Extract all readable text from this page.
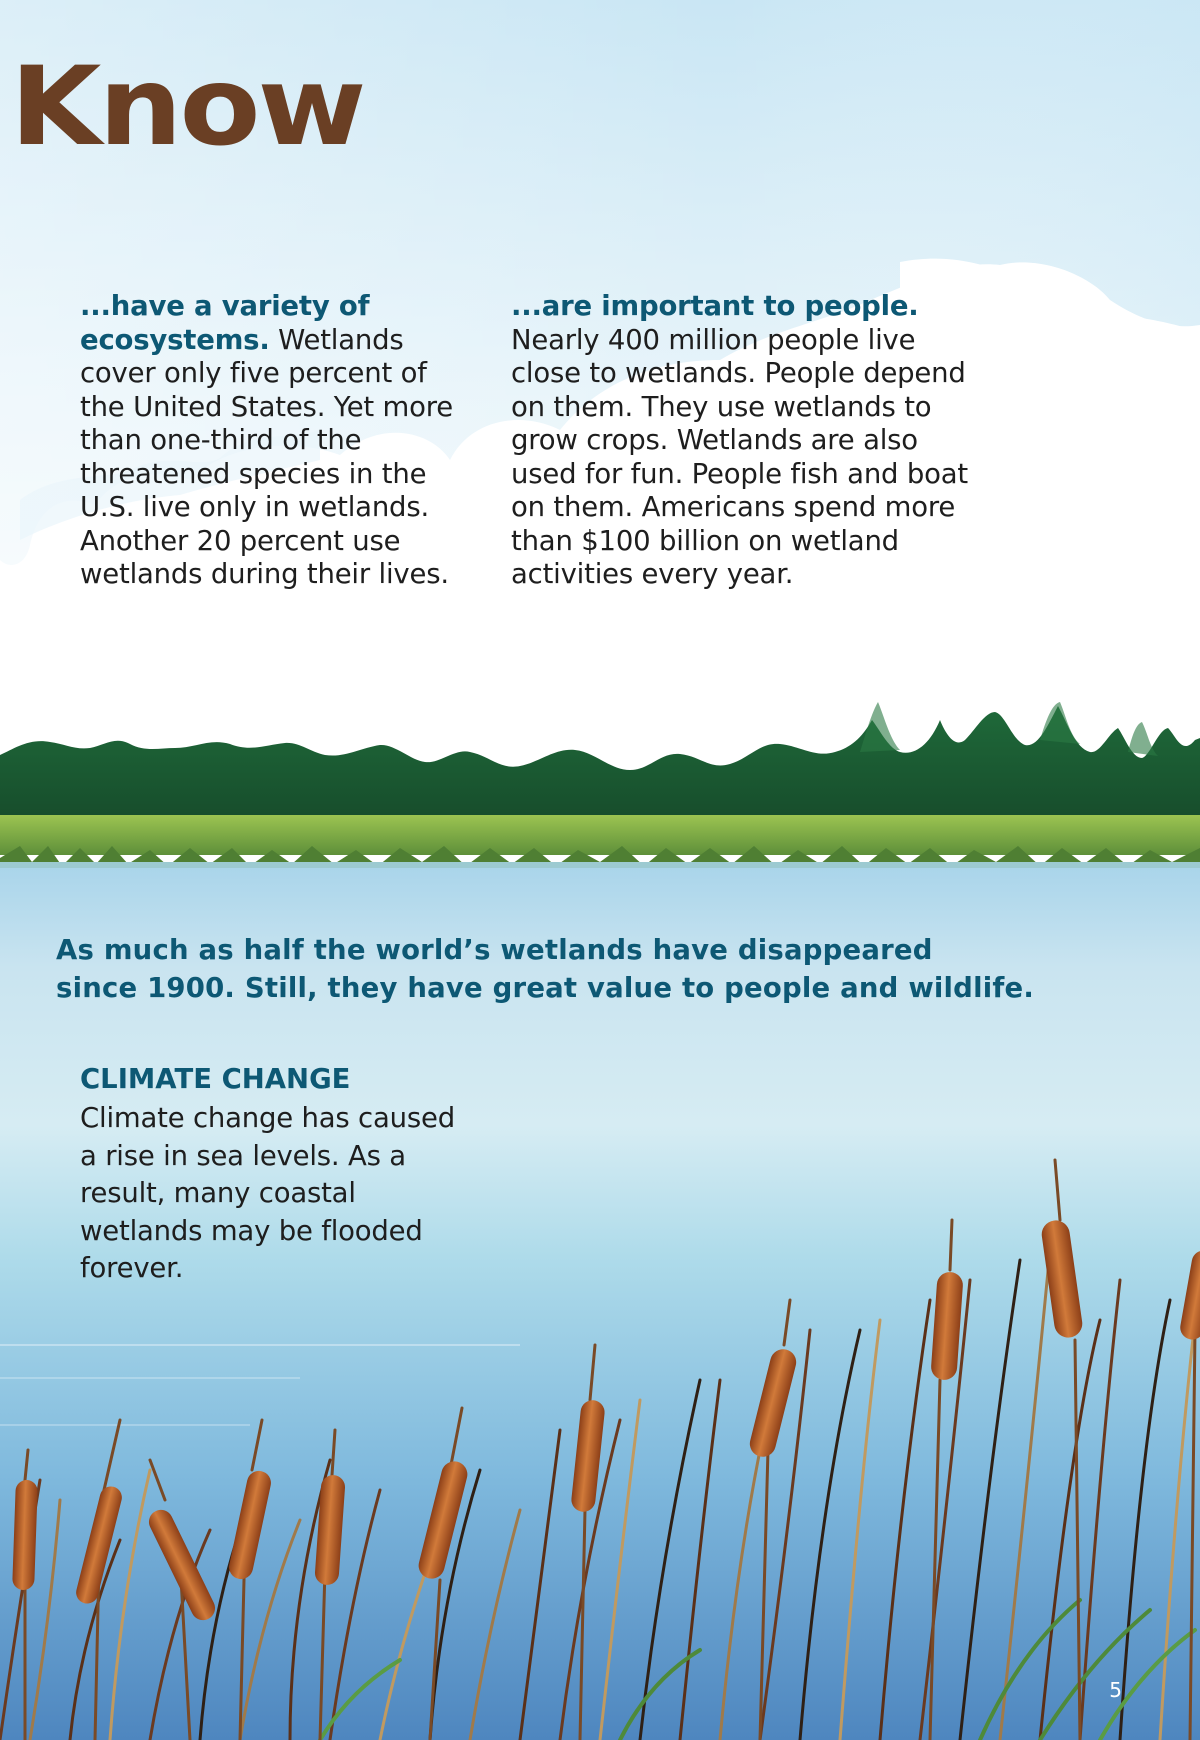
Know

...have a variety of ecosystems. Wetlands cover only five percent of the United States. Yet more than one-third of the threatened species in the U.S. live only in wetlands. Another 20 percent use wetlands during their lives.

...are important to people. Nearly 400 million people live close to wetlands. People depend on them. They use wetlands to grow crops. Wetlands are also used for fun. People fish and boat on them. Americans spend more than $100 billion on wetland activities every year.

As much as half the world’s wetlands have disappeared

since 1900. Still, they have great value to people and wildlife.

CLIMATE CHANGE

Climate change has caused a rise in sea levels. As a result, many coastal wetlands may be flooded forever.

5
